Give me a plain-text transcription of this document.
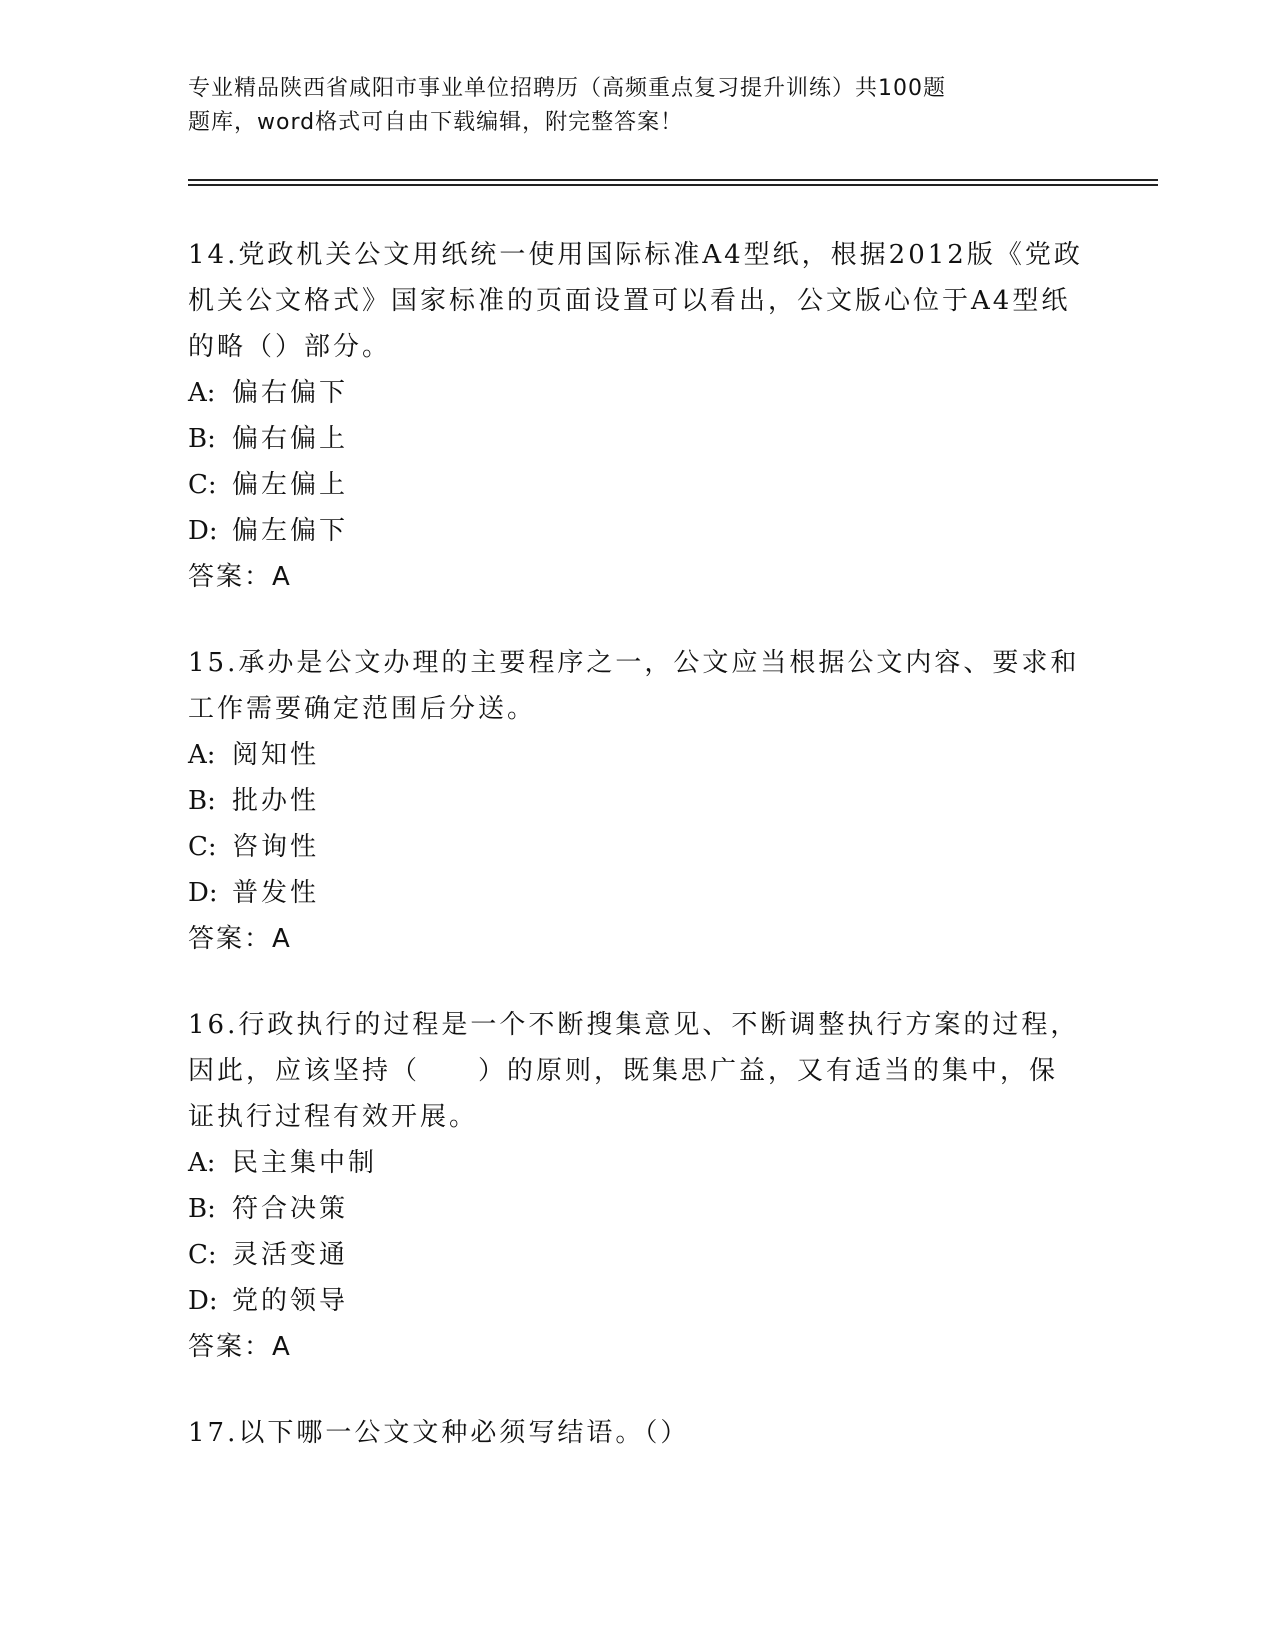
专业精品陕西省咸阳市事业单位招聘历（高频重点复习提升训练）共100题
题库，word格式可自由下载编辑，附完整答案！

14.党政机关公文用纸统一使用国际标准A4型纸，根据2012版《党政
机关公文格式》国家标准的页面设置可以看出，公文版心位于A4型纸
的略（）部分。

A: 偏右偏下
B: 偏右偏上
C: 偏左偏上
D: 偏左偏下
答案：A

15.承办是公文办理的主要程序之一，公文应当根据公文内容、要求和
工作需要确定范围后分送。

A: 阅知性
B: 批办性
C: 咨询性
D: 普发性
答案：A

16.行政执行的过程是一个不断搜集意见、不断调整执行方案的过程，
因此，应该坚持（　　）的原则，既集思广益，又有适当的集中，保
证执行过程有效开展。

A: 民主集中制
B: 符合决策
C: 灵活变通
D: 党的领导
答案：A

17.以下哪一公文文种必须写结语。（）
